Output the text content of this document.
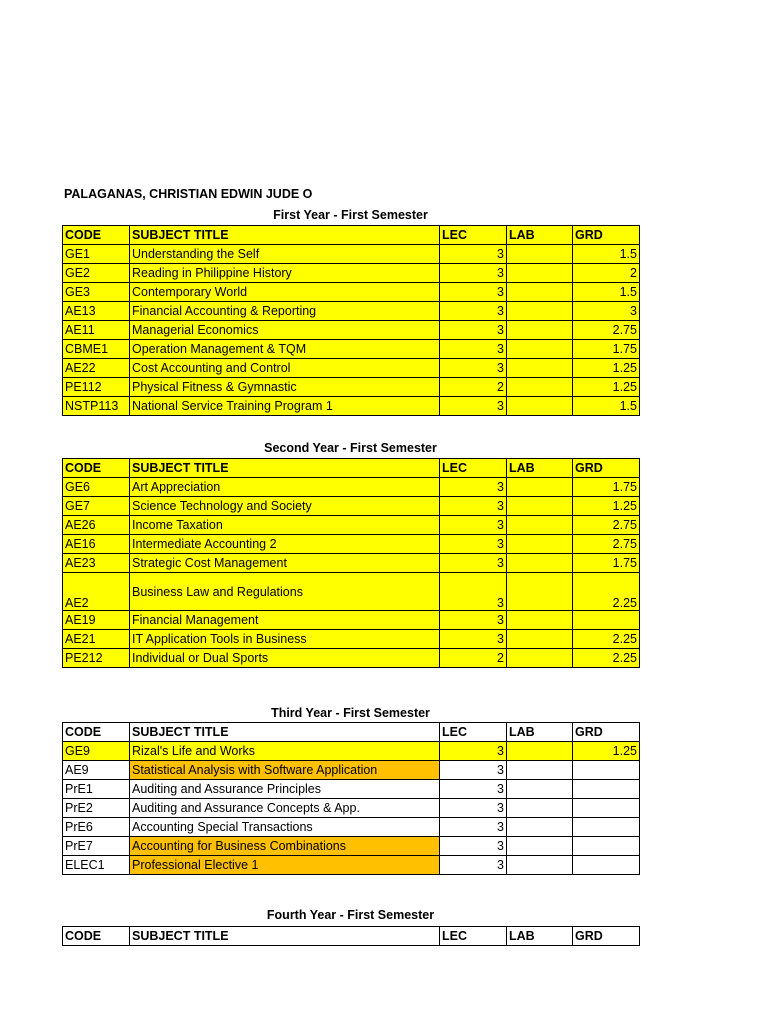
PALAGANAS, CHRISTIAN EDWIN JUDE O
First Year - First Semester
CODE	SUBJECT TITLE	LEC	LAB	GRD
GE1	Understanding the Self	3		1.5
GE2	Reading in Philippine History	3		2
GE3	Contemporary World	3		1.5
AE13	Financial Accounting & Reporting	3		3
AE11	Managerial Economics	3		2.75
CBME1	Operation Management & TQM	3		1.75
AE22	Cost Accounting and Control	3		1.25
PE112	Physical Fitness & Gymnastic	2		1.25
NSTP113	National Service Training Program 1	3		1.5
Second Year - First Semester
CODE	SUBJECT TITLE	LEC	LAB	GRD
GE6	Art Appreciation	3		1.75
GE7	Science Technology and Society	3		1.25
AE26	Income Taxation	3		2.75
AE16	Intermediate Accounting 2	3		2.75
AE23	Strategic Cost Management	3		1.75
AE2	Business Law and Regulations	3		2.25
AE19	Financial Management	3		
AE21	IT Application Tools in Business	3		2.25
PE212	Individual or Dual Sports	2		2.25
Third Year - First Semester
CODE	SUBJECT TITLE	LEC	LAB	GRD
GE9	Rizal's Life and Works	3		1.25
AE9	Statistical Analysis with Software Application	3		
PrE1	Auditing and Assurance Principles	3		
PrE2	Auditing and Assurance Concepts & App.	3		
PrE6	Accounting Special Transactions	3		
PrE7	Accounting for Business Combinations	3		
ELEC1	Professional Elective 1	3		
Fourth Year - First Semester
CODE	SUBJECT TITLE	LEC	LAB	GRD
